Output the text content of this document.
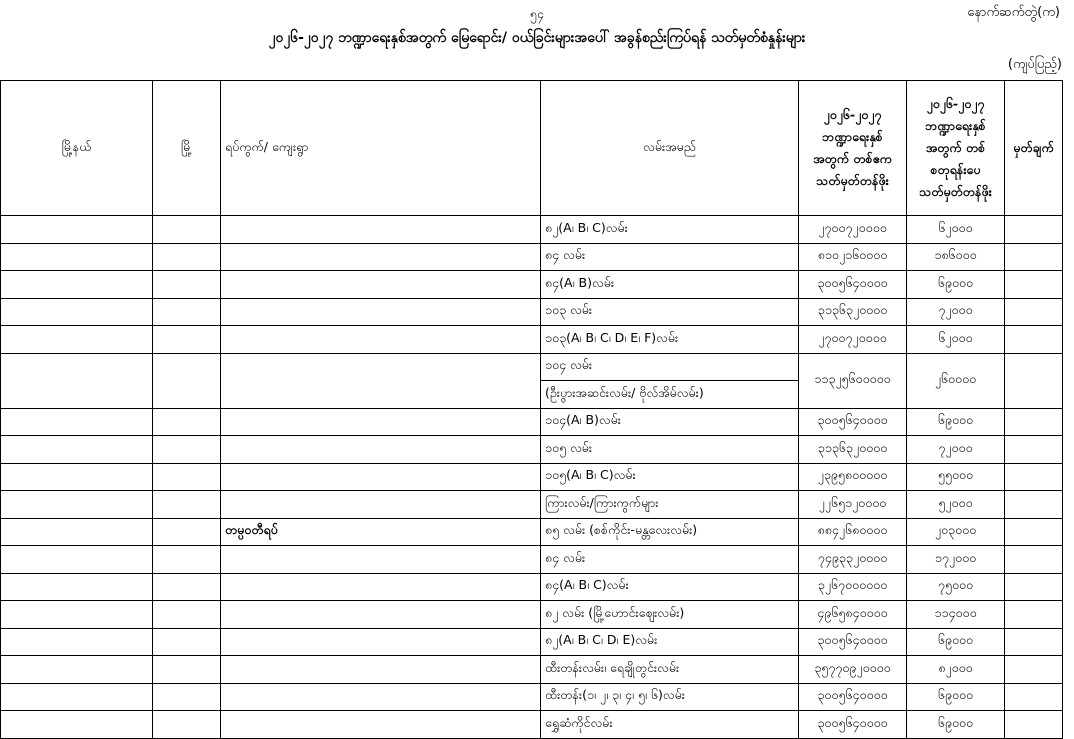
၅၄	နောက်ဆက်တွဲ(က)
၂၀၂၆-၂၀၂၇ ဘဏ္ဍာရေးနှစ်အတွက် မြေရောင်း/ ဝယ်ခြင်းများအပေါ် အခွန်စည်းကြပ်ရန် သတ်မှတ်စံနှုန်းများ
(ကျပ်ပြည့်)
မြို့နယ်	မြို့	ရပ်ကွက်/ ကျေးရွာ	လမ်းအမည်	၂၀၂၆-၂၀၂၇ ဘဏ္ဍာရေးနှစ် အတွက် တစ်ဧက သတ်မှတ်တန်ဖိုး	၂၀၂၆-၂၀၂၇ ဘဏ္ဍာရေးနှစ် အတွက် တစ်စတုရန်းပေ သတ်မှတ်တန်ဖိုး	မှတ်ချက်
			၈၂(A၊ B၊ C)လမ်း	၂၇၀၀၇၂၀၀၀၀	၆၂၀၀၀	
			၈၄ လမ်း	၈၁၀၂၁၆၀၀၀၀	၁၈၆၀၀၀	
			၈၄(A၊ B)လမ်း	၃၀၀၅၆၄၀၀၀၀	၆၉၀၀၀	
			၁၀၃ လမ်း	၃၁၃၆၃၂၀၀၀၀	၇၂၀၀၀	
			၁၀၃(A၊ B၊ C၊ D၊ E၊ F)လမ်း	၂၇၀၀၇၂၀၀၀၀	၆၂၀၀၀	
			၁၀၄ လမ်း	၁၁၃၂၅၆၀၀၀၀၀	၂၆၀၀၀၀	
			(ဦးပွားအဆင်းလမ်း/ ဗိုလ်အိမ်လမ်း)			
			၁၀၄(A၊ B)လမ်း	၃၀၀၅၆၄၀၀၀၀	၆၉၀၀၀	
			၁၀၅ လမ်း	၃၁၃၆၃၂၀၀၀၀	၇၂၀၀၀	
			၁၀၅(A၊ B၊ C)လမ်း	၂၃၉၅၈၀၀၀၀၀	၅၅၀၀၀	
			ကြားလမ်း/ကြားကွက်များ	၂၂၆၅၁၂၀၀၀၀	၅၂၀၀၀	
		တမ္ပဝတီရပ်	၈၅ လမ်း (စစ်ကိုင်း-မန္တလေးလမ်း)	၈၈၄၂၆၈၀၀၀၀	၂၀၃၀၀၀	
			၈၄ လမ်း	၇၄၉၃၃၂၀၀၀၀	၁၇၂၀၀၀	
			၈၄(A၊ B၊ C)လမ်း	၃၂၆၇၀၀၀၀၀၀	၇၅၀၀၀	
			၈၂ လမ်း (မြို့ဟောင်းဈေးလမ်း)	၄၉၆၅၈၄၀၀၀၀	၁၁၄၀၀၀	
			၈၂(A၊ B၊ C၊ D၊ E)လမ်း	၃၀၀၅၆၄၀၀၀၀	၆၉၀၀၀	
			ထီးတန်းလမ်း၊ ရေချိုတွင်းလမ်း	၃၅၇၇၀၉၂၀၀၀၀	၈၂၀၀၀	
			ထီးတန်း(၁၊ ၂၊ ၃၊ ၄၊ ၅၊ ၆)လမ်း	၃၀၀၅၆၄၀၀၀၀	၆၉၀၀၀	
			ရွှေဆံကိုင်လမ်း	၃၀၀၅၆၄၀၀၀၀	၆၉၀၀၀	
